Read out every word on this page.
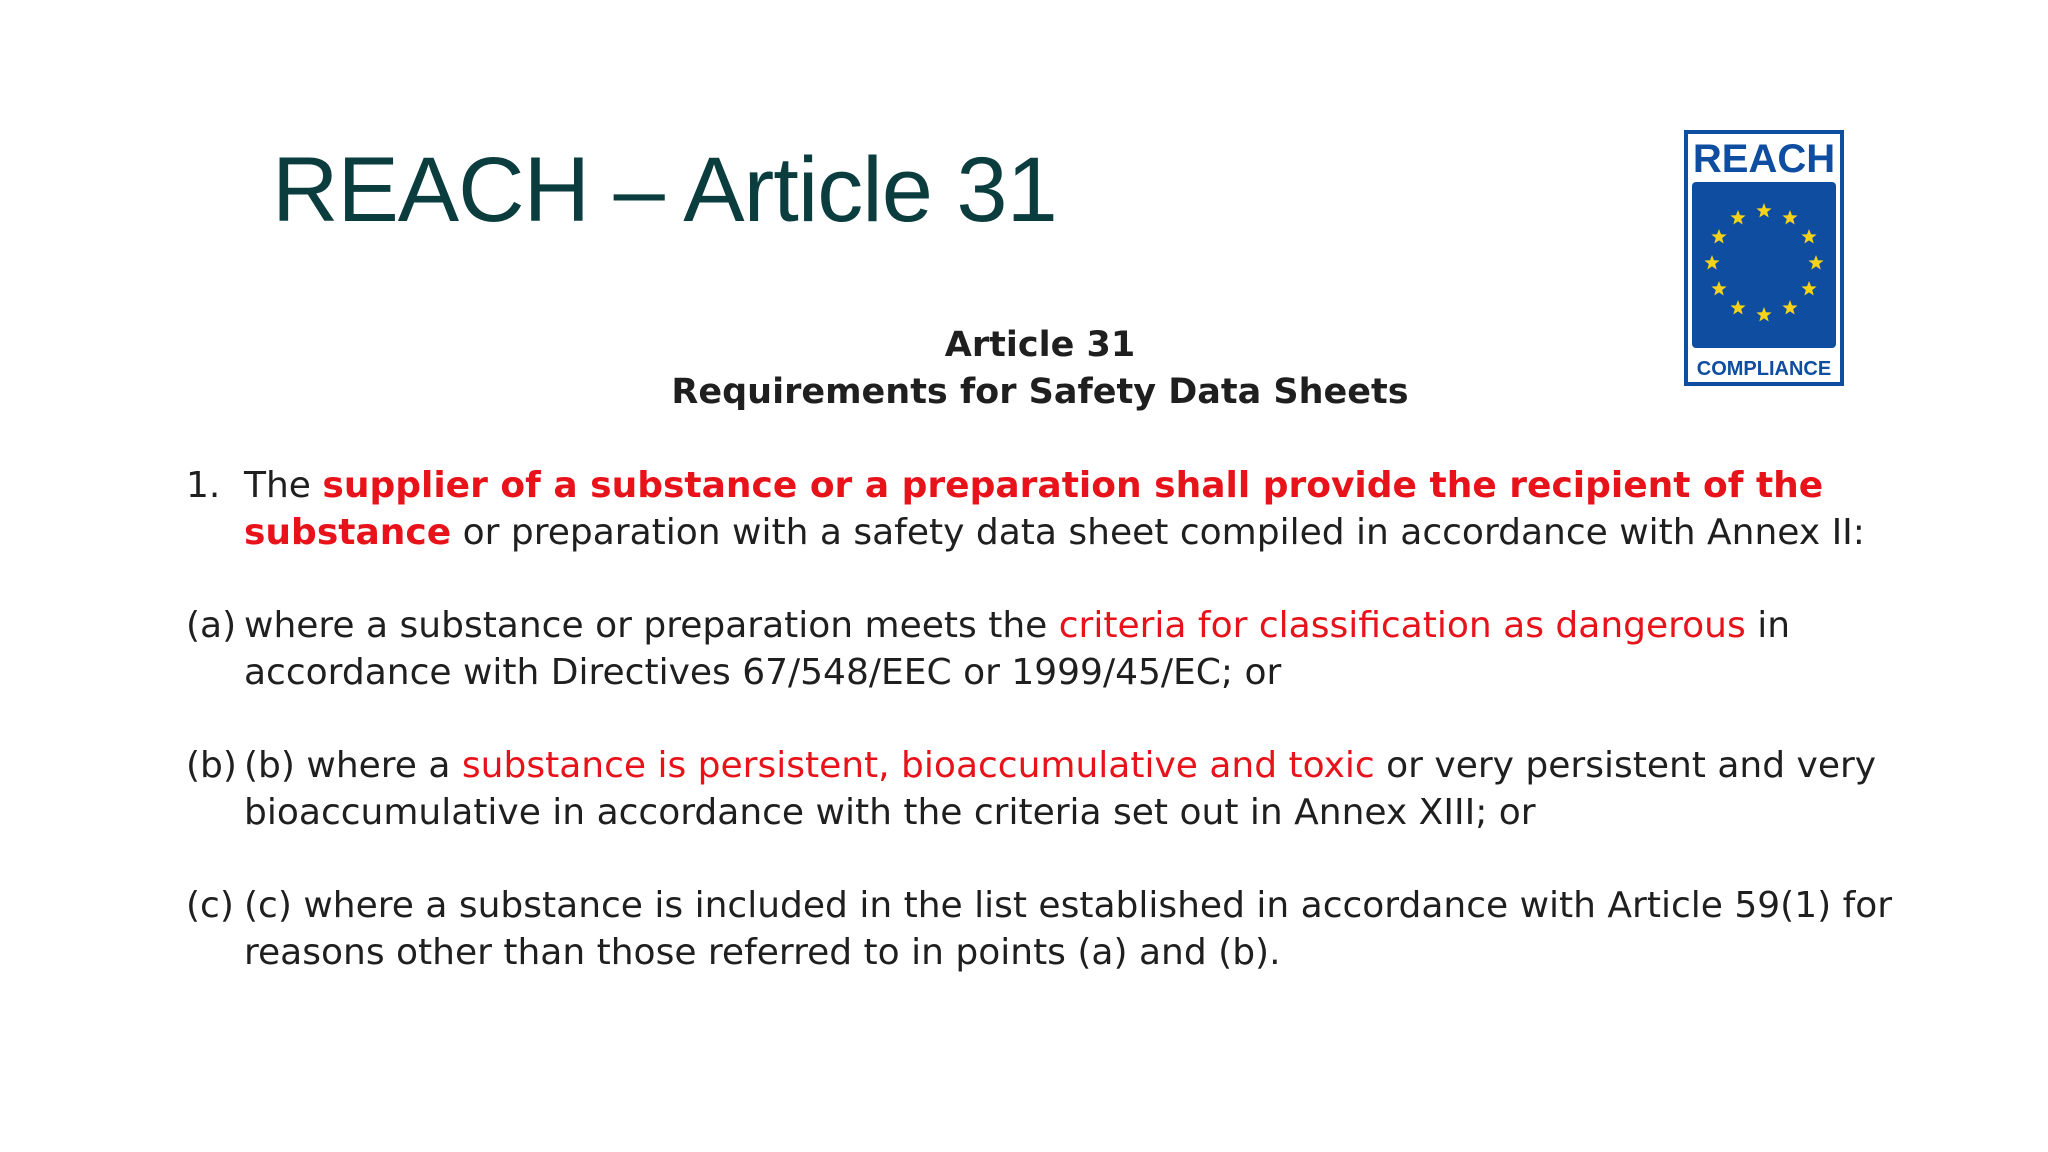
REACH – Article 31	REACH
COMPLIANCE
Article 31
Requirements for Safety Data Sheets
1. The supplier of a substance or a preparation shall provide the recipient of the
substance or preparation with a safety data sheet compiled in accordance with Annex II:
(a) where a substance or preparation meets the criteria for classification as dangerous in
accordance with Directives 67/548/EEC or 1999/45/EC; or
(b) (b) where a substance is persistent, bioaccumulative and toxic or very persistent and very
bioaccumulative in accordance with the criteria set out in Annex XIII; or
(c) (c) where a substance is included in the list established in accordance with Article 59(1) for
reasons other than those referred to in points (a) and (b).
